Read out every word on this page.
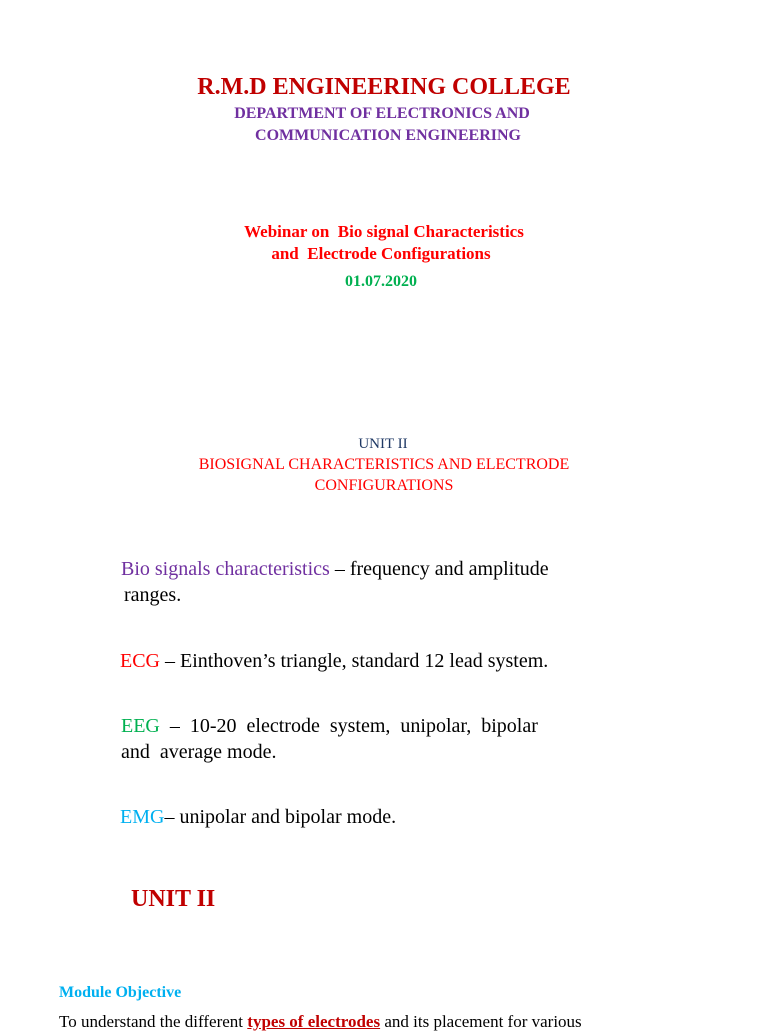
R.M.D ENGINEERING COLLEGE
DEPARTMENT OF ELECTRONICS AND
COMMUNICATION ENGINEERING
Webinar on  Bio signal Characteristics
and  Electrode Configurations
01.07.2020
UNIT II
BIOSIGNAL CHARACTERISTICS AND ELECTRODE
CONFIGURATIONS
Bio signals characteristics – frequency and amplitude
ranges.
ECG – Einthoven’s triangle, standard 12 lead system.
EEG  –  10-20  electrode  system,  unipolar,  bipolar
and  average mode.
EMG– unipolar and bipolar mode.
UNIT II
Module Objective
To understand the different types of electrodes and its placement for various
